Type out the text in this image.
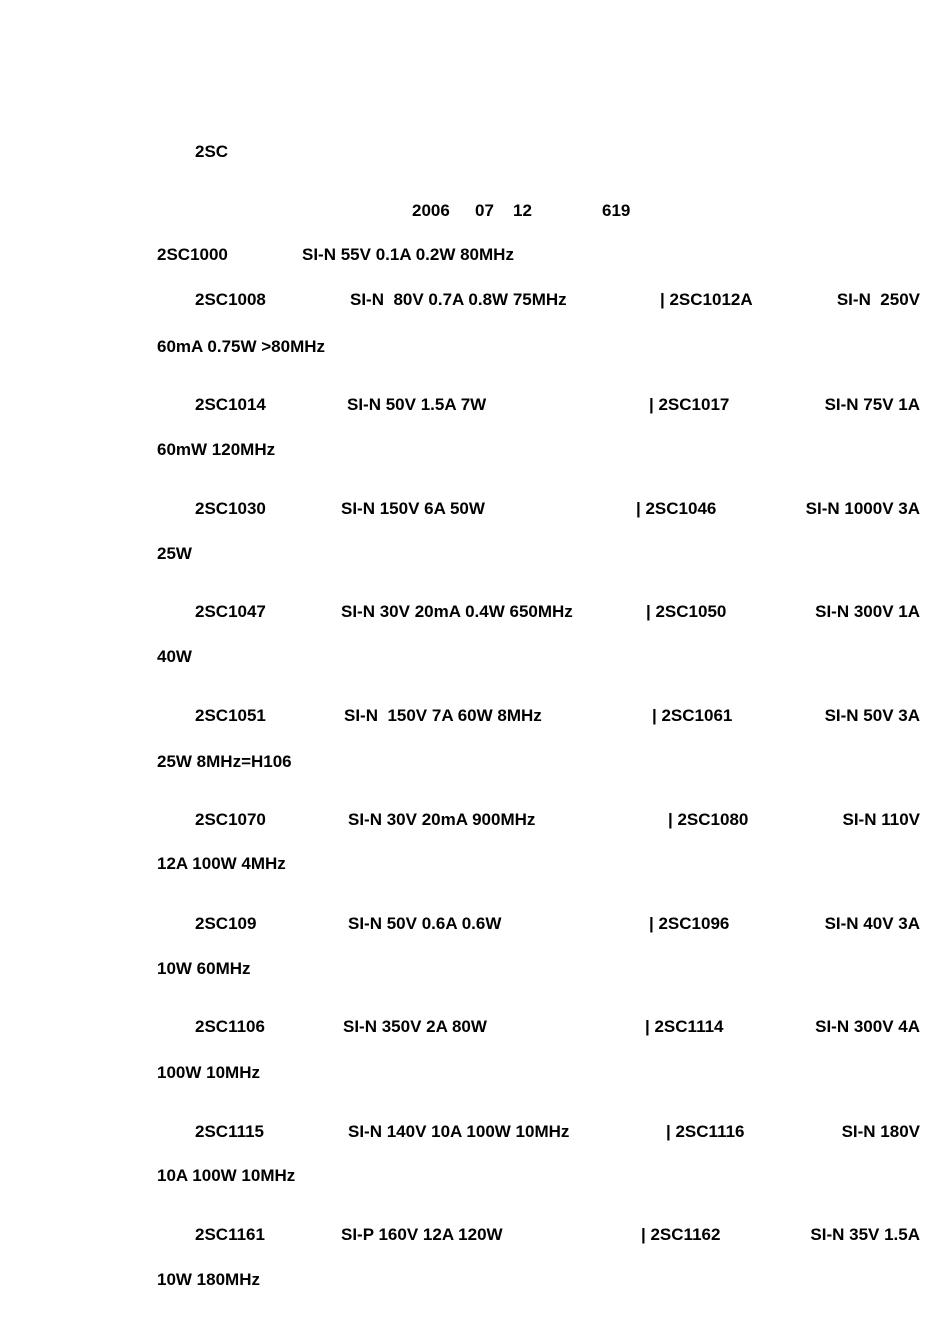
2SC
2006 07 12	619
2SC1000	SI-N 55V 0.1A 0.2W 80MHz
2SC1008	SI-N  80V 0.7A 0.8W 75MHz	| 2SC1012A	SI-N  250V
60mA 0.75W >80MHz
2SC1014	SI-N 50V 1.5A 7W	| 2SC1017	SI-N 75V 1A
60mW 120MHz
2SC1030	SI-N 150V 6A 50W	| 2SC1046	SI-N 1000V 3A
25W
2SC1047	SI-N 30V 20mA 0.4W 650MHz	| 2SC1050	SI-N 300V 1A
40W
2SC1051	SI-N  150V 7A 60W 8MHz	| 2SC1061	SI-N 50V 3A
25W 8MHz=H106
2SC1070	SI-N 30V 20mA 900MHz	| 2SC1080	SI-N 110V
12A 100W 4MHz
2SC109	SI-N 50V 0.6A 0.6W	| 2SC1096	SI-N 40V 3A
10W 60MHz
2SC1106	SI-N 350V 2A 80W	| 2SC1114	SI-N 300V 4A
100W 10MHz
2SC1115	SI-N 140V 10A 100W 10MHz	| 2SC1116	SI-N 180V
10A 100W 10MHz
2SC1161	SI-P 160V 12A 120W	| 2SC1162	SI-N 35V 1.5A
10W 180MHz
